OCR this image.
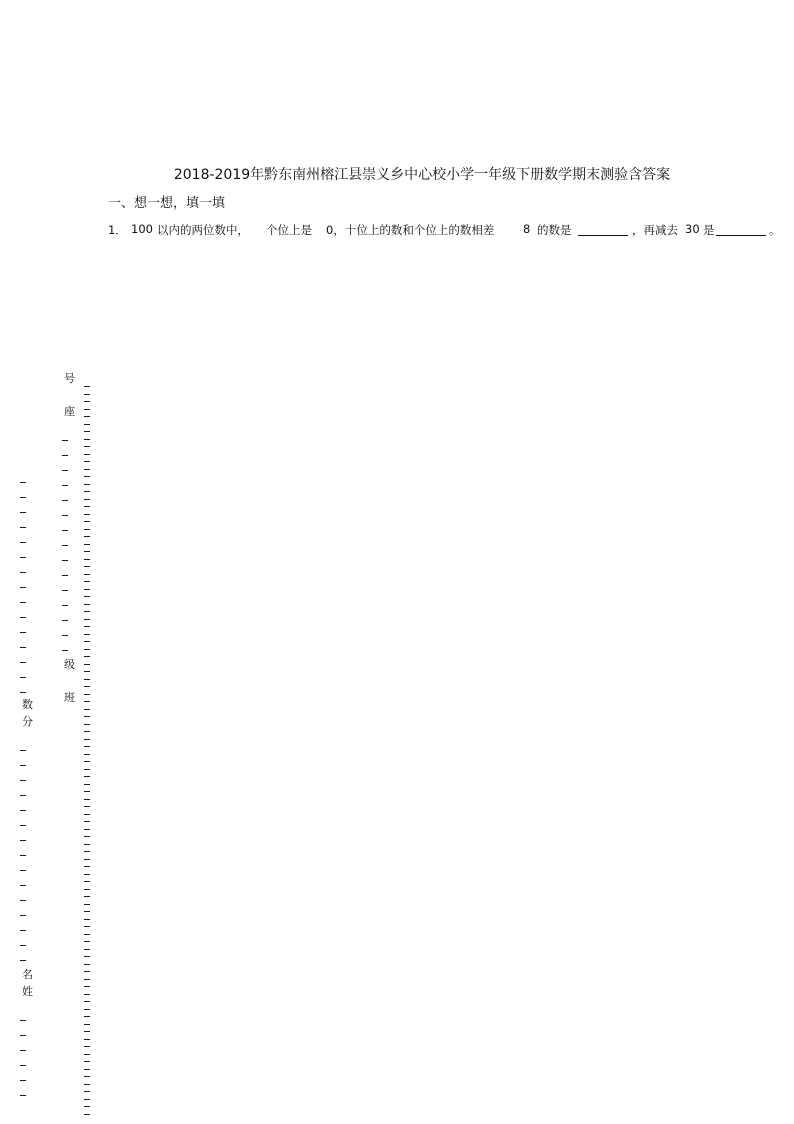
2018-2019年黔东南州榕江县崇义乡中心校小学一年级下册数学期末测验含答案
一、想一想，填一填
1． 100 以内的两位数中， 个位上是 0，十位上的数和个位上的数相差 8 的数是	，再减去 30 是	。
号
座
级
班
数
分
名
姓
